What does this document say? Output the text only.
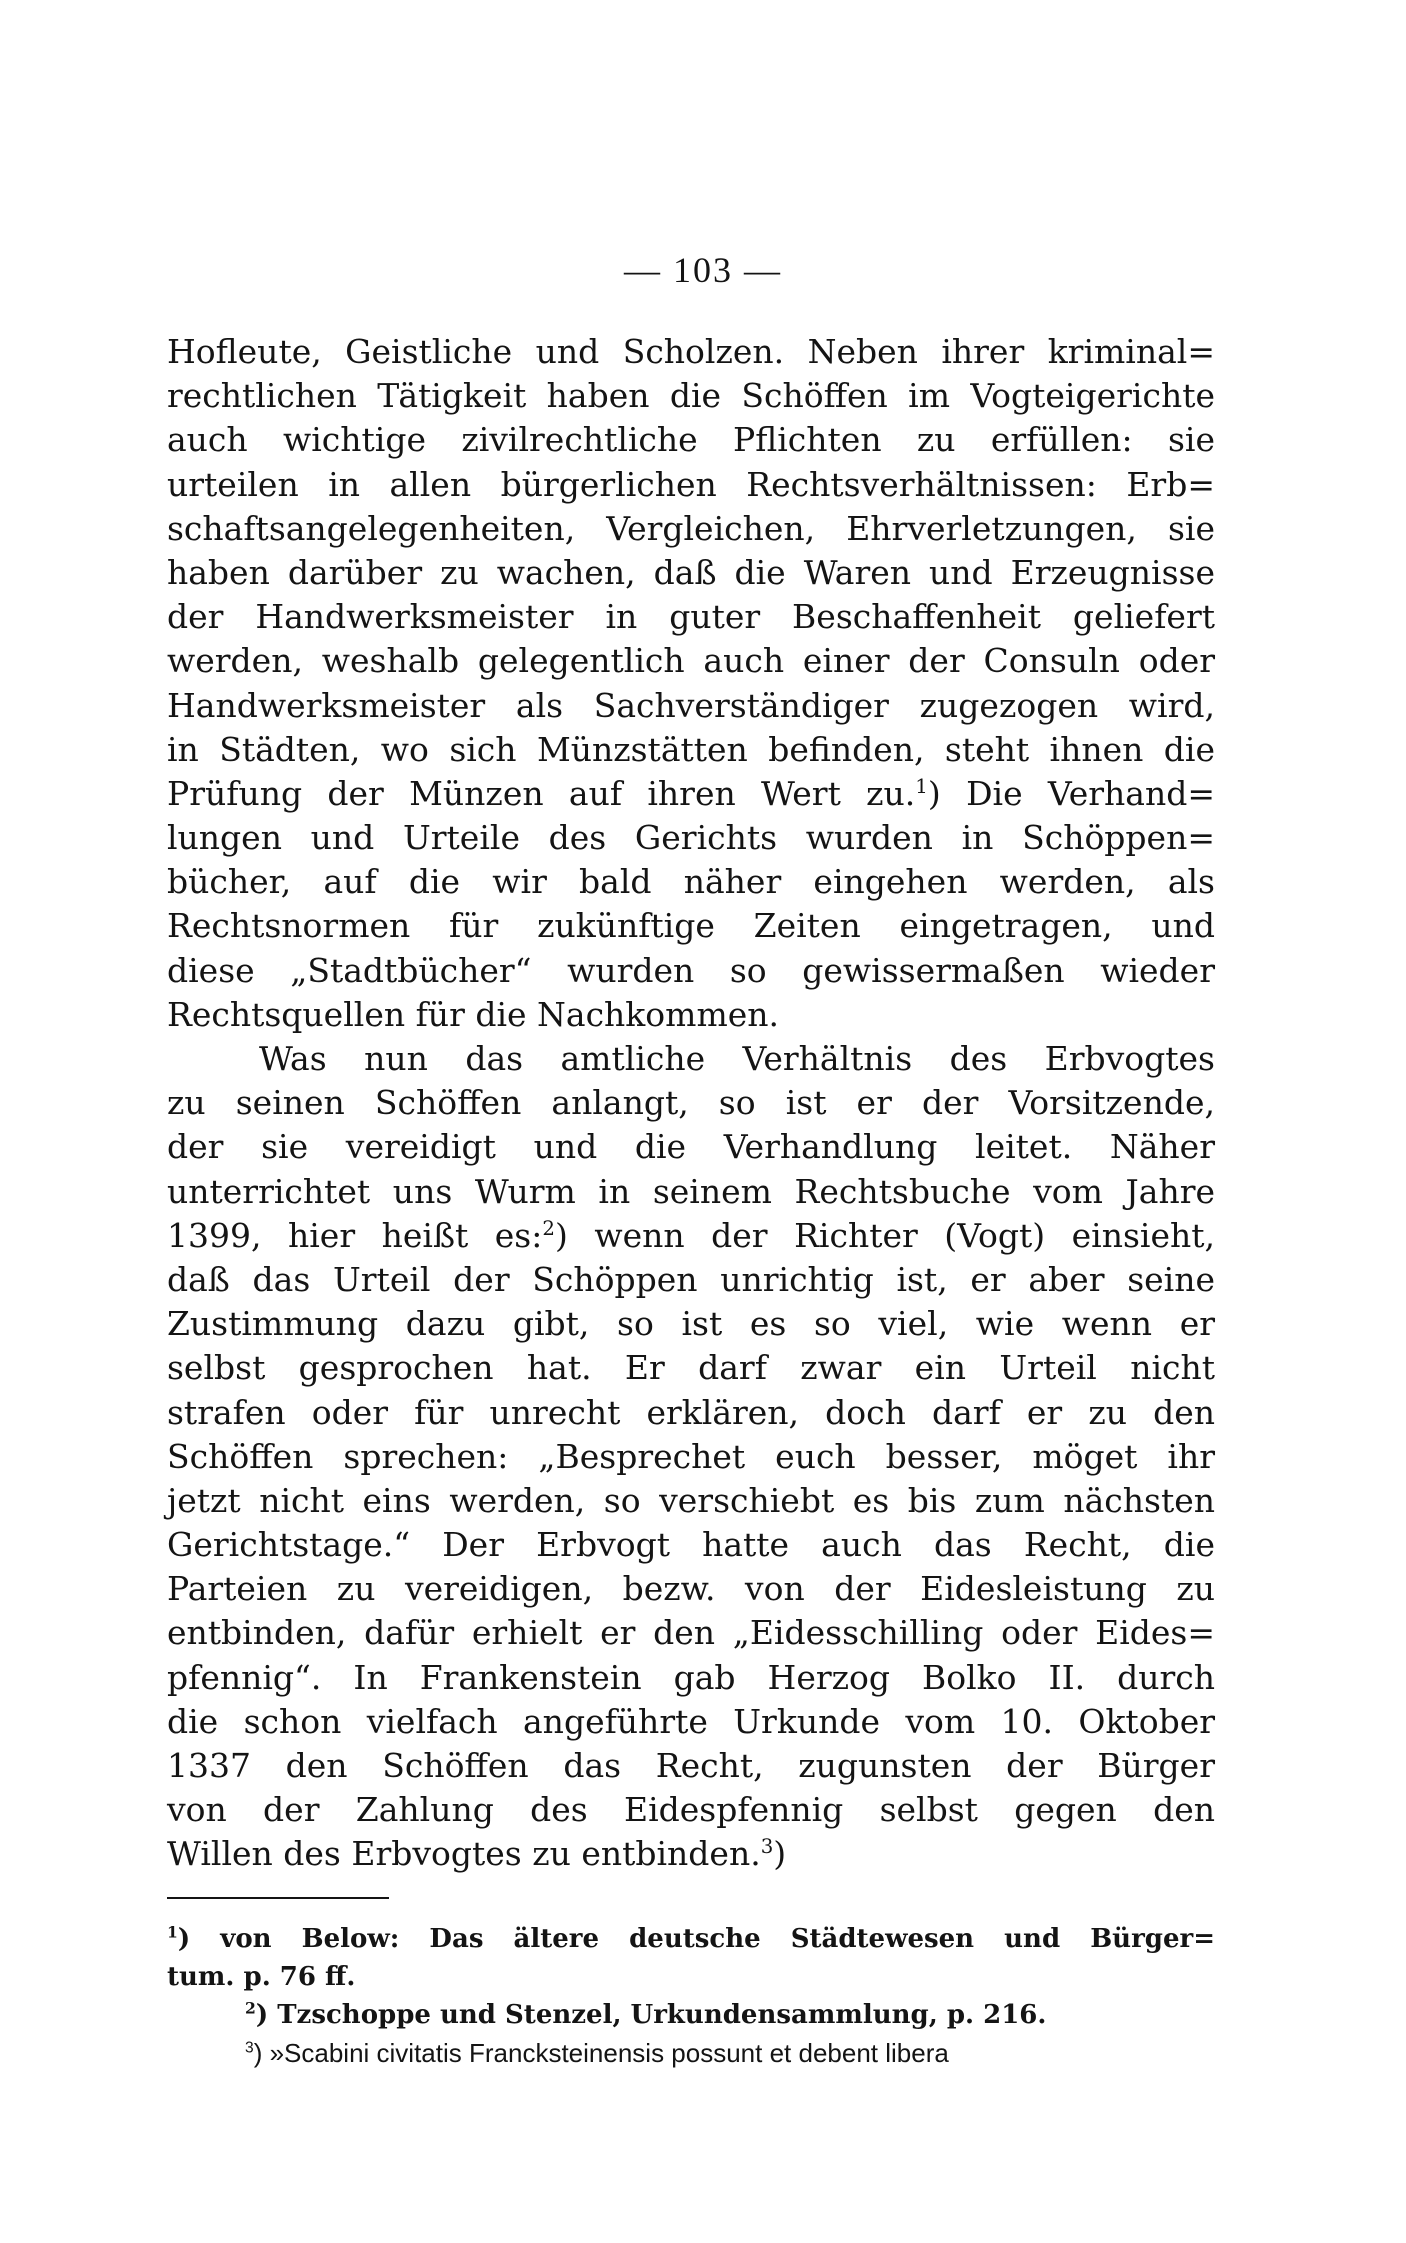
— 103 —
Hofleute, Geistliche und Scholzen. Neben ihrer kriminal=
rechtlichen Tätigkeit haben die Schöffen im Vogteigerichte
auch wichtige zivilrechtliche Pflichten zu erfüllen: sie
urteilen in allen bürgerlichen Rechtsverhältnissen: Erb=
schaftsangelegenheiten, Vergleichen, Ehrverletzungen, sie
haben darüber zu wachen, daß die Waren und Erzeugnisse
der Handwerksmeister in guter Beschaffenheit geliefert
werden, weshalb gelegentlich auch einer der Consuln oder
Handwerksmeister als Sachverständiger zugezogen wird,
in Städten, wo sich Münzstätten befinden, steht ihnen die
Prüfung der Münzen auf ihren Wert zu.$^1$) Die Verhand=
lungen und Urteile des Gerichts wurden in Schöppen=
bücher, auf die wir bald näher eingehen werden, als
Rechtsnormen für zukünftige Zeiten eingetragen, und
diese „Stadtbücher“ wurden so gewissermaßen wieder
Rechtsquellen für die Nachkommen.
Was nun das amtliche Verhältnis des Erbvogtes
zu seinen Schöffen anlangt, so ist er der Vorsitzende,
der sie vereidigt und die Verhandlung leitet. Näher
unterrichtet uns Wurm in seinem Rechtsbuche vom Jahre
1399, hier heißt es:$^2$) wenn der Richter (Vogt) einsieht,
daß das Urteil der Schöppen unrichtig ist, er aber seine
Zustimmung dazu gibt, so ist es so viel, wie wenn er
selbst gesprochen hat. Er darf zwar ein Urteil nicht
strafen oder für unrecht erklären, doch darf er zu den
Schöffen sprechen: „Besprechet euch besser, möget ihr
jetzt nicht eins werden, so verschiebt es bis zum nächsten
Gerichtstage.“ Der Erbvogt hatte auch das Recht, die
Parteien zu vereidigen, bezw. von der Eidesleistung zu
entbinden, dafür erhielt er den „Eidesschilling oder Eides=
pfennig“. In Frankenstein gab Herzog Bolko II. durch
die schon vielfach angeführte Urkunde vom 10. Oktober
1337 den Schöffen das Recht, zugunsten der Bürger
von der Zahlung des Eidespfennig selbst gegen den
Willen des Erbvogtes zu entbinden.$^3$)
$^1$) von Below: Das ältere deutsche Städtewesen und Bürger=
tum. p. 76 ff.
$^2$) Tzschoppe und Stenzel, Urkundensammlung, p. 216.
$^3$) »Scabini civitatis Francksteinensis possunt et debent libera
